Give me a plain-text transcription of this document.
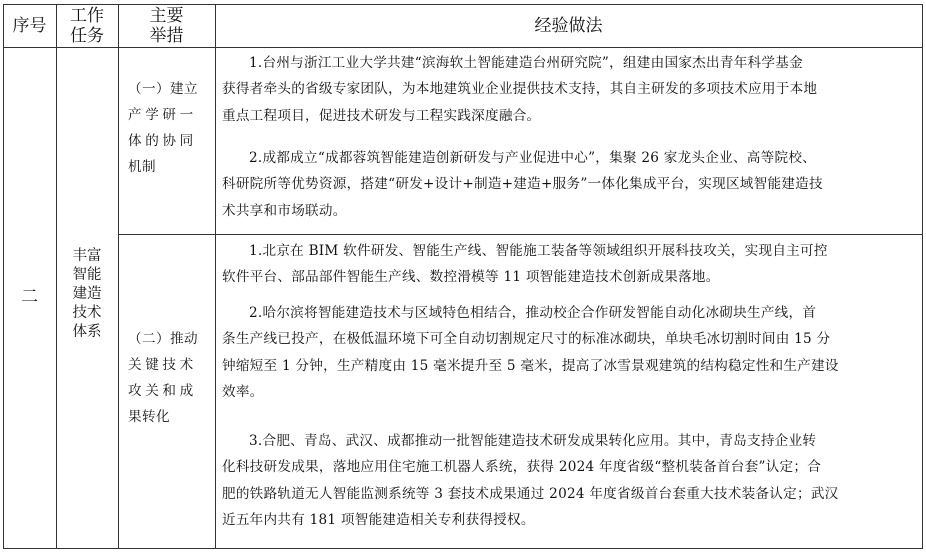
序号	工作
任务
主要
举措	经验做法
二
丰富
智能
建造
技术
体系
（一）建立
产学研一
体的协同
机制
（二）推动
关键技术
攻关和成
果转化
1.台州与浙江工业大学共建“滨海软土智能建造台州研究院”，组建由国家杰出青年科学基金
获得者牵头的省级专家团队，为本地建筑业企业提供技术支持，其自主研发的多项技术应用于本地
重点工程项目，促进技术研发与工程实践深度融合。
2.成都成立“成都蓉筑智能建造创新研发与产业促进中心”，集聚 26 家龙头企业、高等院校、
科研院所等优势资源，搭建“研发+设计+制造+建造+服务”一体化集成平台，实现区域智能建造技
术共享和市场联动。
1.北京在 BIM 软件研发、智能生产线、智能施工装备等领域组织开展科技攻关，实现自主可控
软件平台、部品部件智能生产线、数控滑模等 11 项智能建造技术创新成果落地。
2.哈尔滨将智能建造技术与区域特色相结合，推动校企合作研发智能自动化冰砌块生产线，首
条生产线已投产，在极低温环境下可全自动切割规定尺寸的标准冰砌块，单块毛冰切割时间由 15 分
钟缩短至 1 分钟，生产精度由 15 毫米提升至 5 毫米，提高了冰雪景观建筑的结构稳定性和生产建设
效率。
3.合肥、青岛、武汉、成都推动一批智能建造技术研发成果转化应用。其中，青岛支持企业转
化科技研发成果，落地应用住宅施工机器人系统，获得 2024 年度省级“整机装备首台套”认定；合
肥的铁路轨道无人智能监测系统等 3 套技术成果通过 2024 年度省级首台套重大技术装备认定；武汉
近五年内共有 181 项智能建造相关专利获得授权。
